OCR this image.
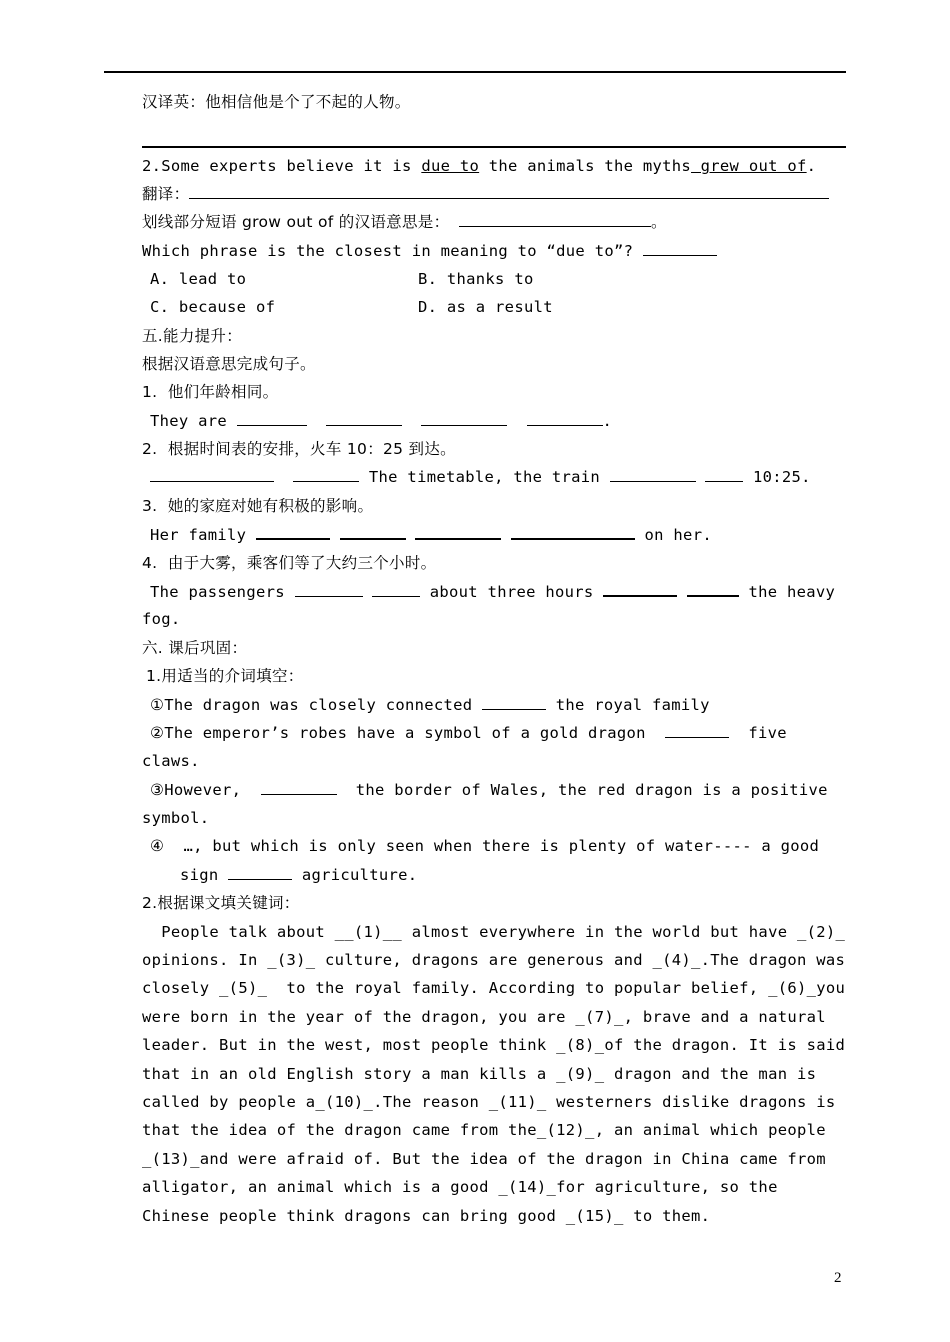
汉译英：他相信他是个了不起的人物。
2.Some experts believe it is due to the animals the myths grew out of.
翻译：
划线部分短语 grow out of 的汉语意思是：	。
Which phrase is the closest in meaning to “due to”?
A. lead to	B. thanks to
C. because of	D. as a result
五.能力提升：
根据汉语意思完成句子。
1.  他们年龄相同。
They are	.
2.  根据时间表的安排，火车 10：25 到达。
The timetable, the train	10:25.
3.  她的家庭对她有积极的影响。
Her family	on her.
4.  由于大雾，乘客们等了大约三个小时。
The passengers	about three hours	the heavy
fog.
六. 课后巩固：
1.用适当的介词填空：
①The dragon was closely connected	the royal family
②The emperor’s robes have a symbol of a gold dragon	five
claws.
③However,	the border of Wales, the red dragon is a positive
symbol.
④  …, but which is only seen when there is plenty of water---- a good
sign	agriculture.
2.根据课文填关键词：
People talk about __(1)__ almost everywhere in the world but have _(2)_
opinions. In _(3)_ culture, dragons are generous and _(4)_.The dragon was
closely _(5)_  to the royal family. According to popular belief, _(6)_you
were born in the year of the dragon, you are _(7)_, brave and a natural
leader. But in the west, most people think _(8)_of the dragon. It is said
that in an old English story a man kills a _(9)_ dragon and the man is
called by people a_(10)_.The reason _(11)_ westerners dislike dragons is
that the idea of the dragon came from the_(12)_, an animal which people
_(13)_and were afraid of. But the idea of the dragon in China came from
alligator, an animal which is a good _(14)_for agriculture, so the
Chinese people think dragons can bring good _(15)_ to them.
2
